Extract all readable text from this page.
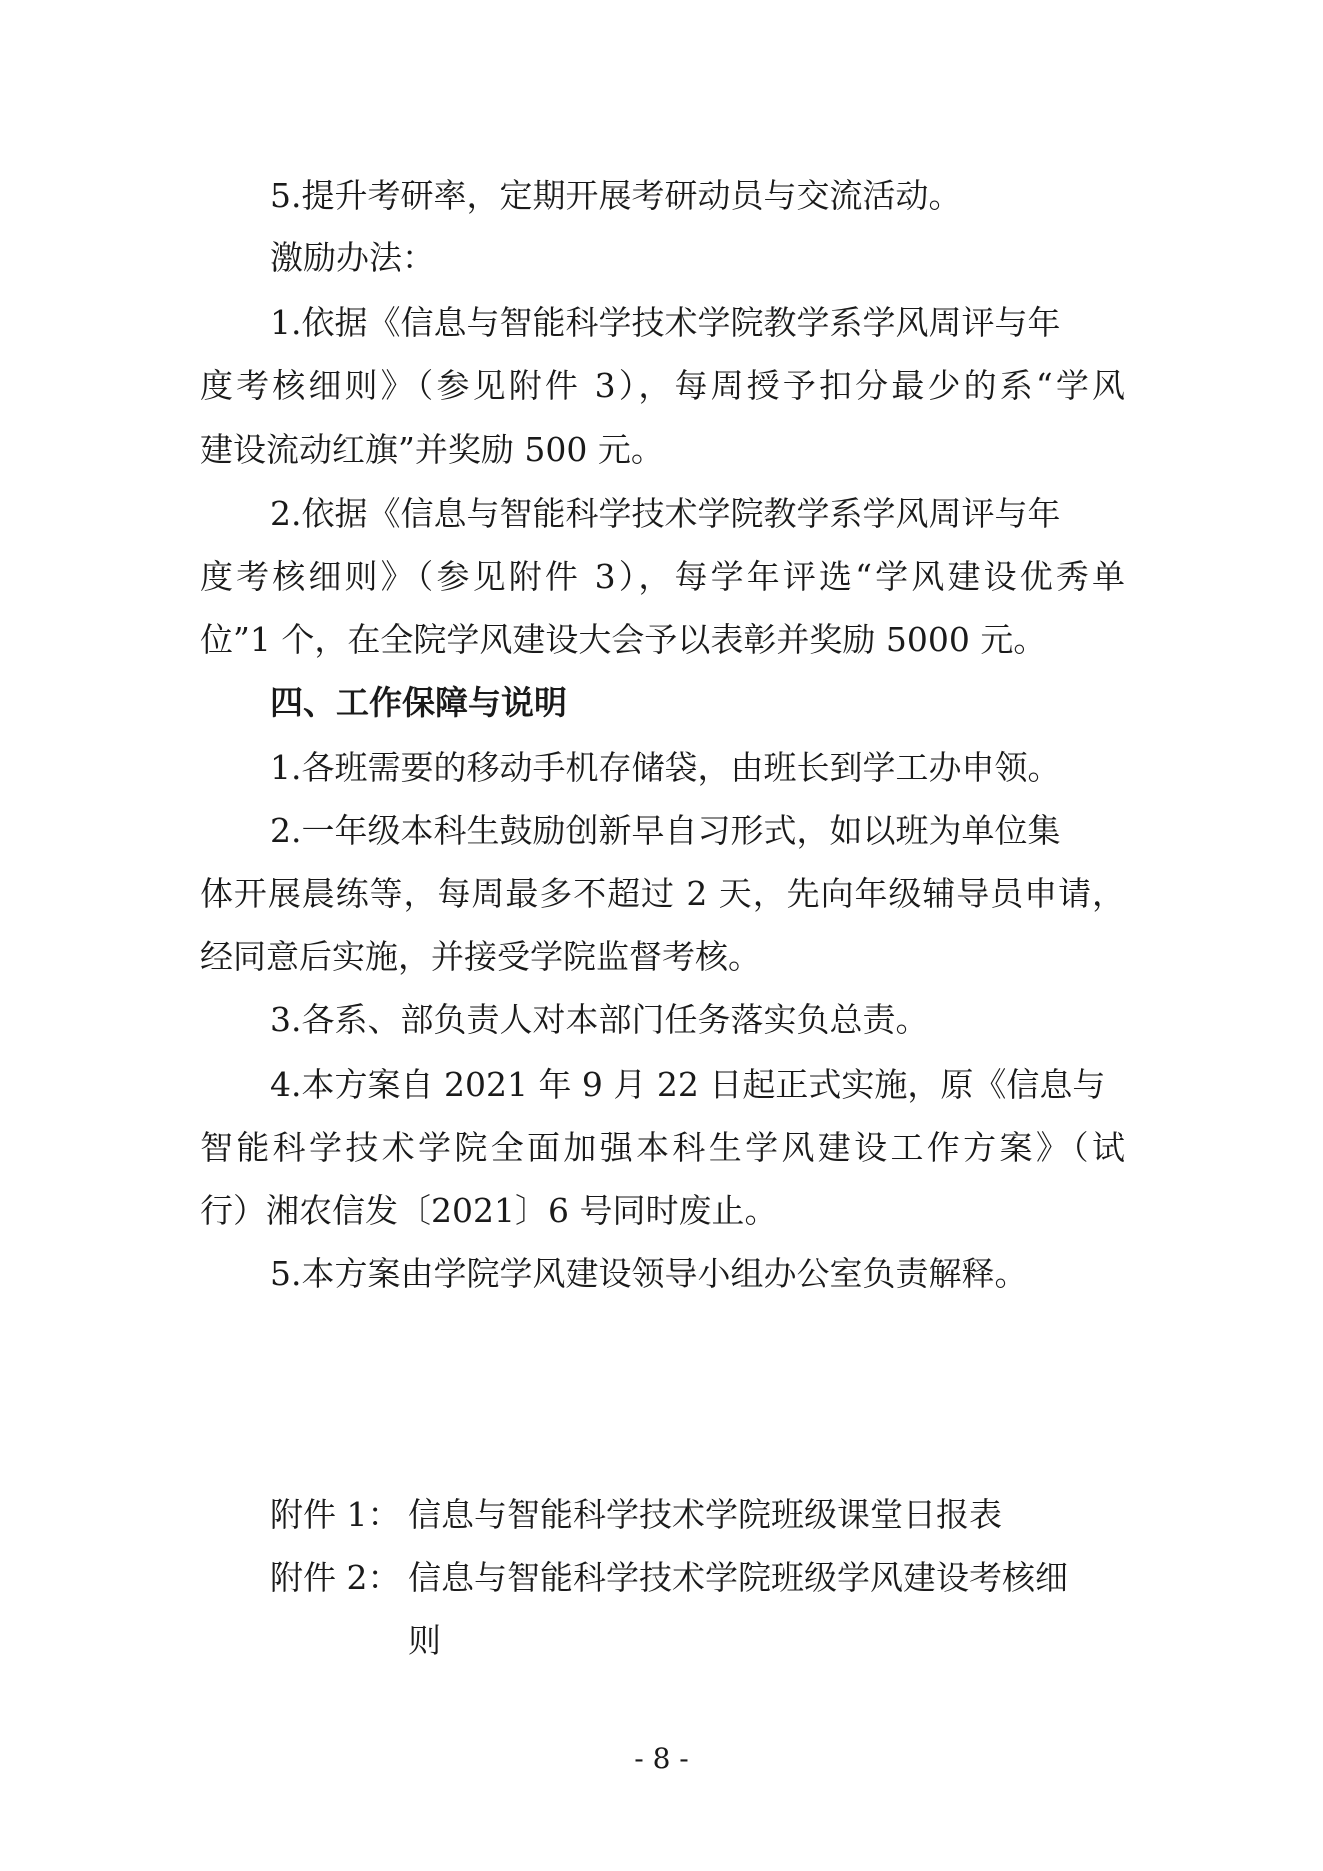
5.提升考研率，定期开展考研动员与交流活动。
激励办法：
1.依据《信息与智能科学技术学院教学系学风周评与年
度考核细则》（参见附件 3），每周授予扣分最少的系“学风
建设流动红旗”并奖励 500 元。
2.依据《信息与智能科学技术学院教学系学风周评与年
度考核细则》（参见附件 3），每学年评选“学风建设优秀单
位”1 个，在全院学风建设大会予以表彰并奖励 5000 元。
四、工作保障与说明
1.各班需要的移动手机存储袋，由班长到学工办申领。
2.一年级本科生鼓励创新早自习形式，如以班为单位集
体开展晨练等，每周最多不超过 2 天，先向年级辅导员申请，
经同意后实施，并接受学院监督考核。
3.各系、部负责人对本部门任务落实负总责。
4.本方案自 2021 年 9 月 22 日起正式实施，原《信息与
智能科学技术学院全面加强本科生学风建设工作方案》（试
行）湘农信发〔2021〕6 号同时废止。
5.本方案由学院学风建设领导小组办公室负责解释。
附件 1： 信息与智能科学技术学院班级课堂日报表
附件 2： 信息与智能科学技术学院班级学风建设考核细
则
- 8 -
